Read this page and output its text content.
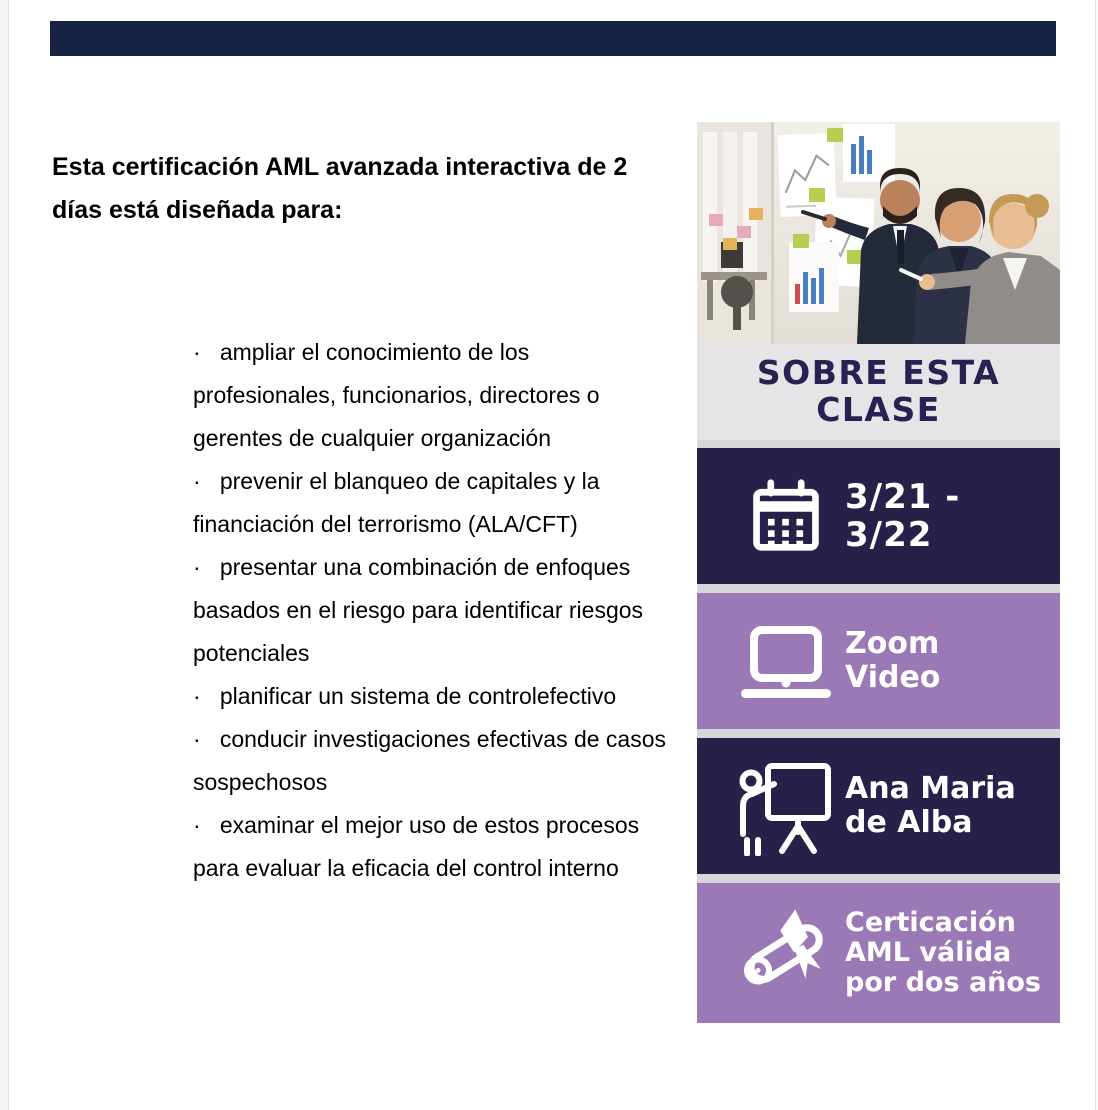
Esta certificación AML avanzada interactiva de 2 días está diseñada para:

·   ampliar el conocimiento de los profesionales, funcionarios, directores o gerentes de cualquier organización

·   prevenir el blanqueo de capitales y la financiación del terrorismo (ALA/CFT)

·   presentar una combinación de enfoques basados en el riesgo para identificar riesgos potenciales

·   planificar un sistema de controlefectivo

·   conducir investigaciones efectivas de casos sospechosos

·   examinar el mejor uso de estos procesos para evaluar la eficacia del control interno

SOBRE ESTA CLASE
3/21 - 3/22
Zoom Video
Ana Maria de Alba
Certicación AML válida por dos años
